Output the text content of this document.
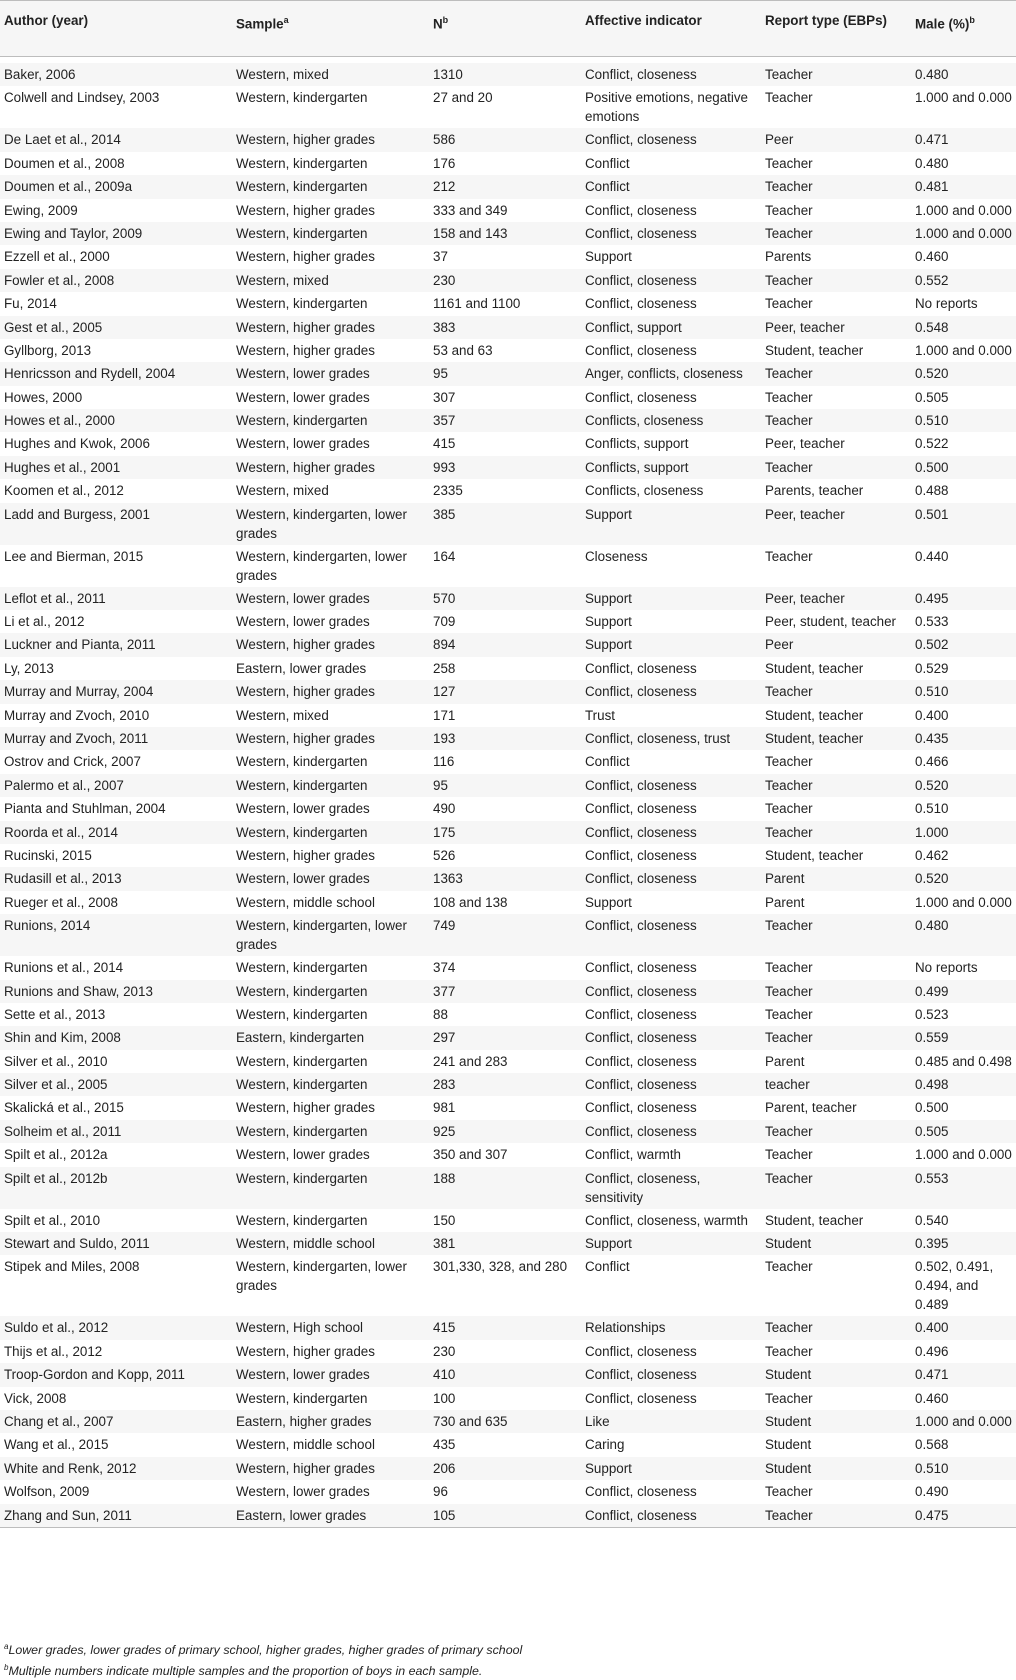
Author (year)	Sample$^a$	$N^b$	Affective indicator	Report type (EBPs)	Male (%)$^b$

Baker, 2006	Western, mixed	1310	Conflict, closeness	Teacher	0.480
Colwell and Lindsey, 2003	Western, kindergarten	27 and 20	Positive emotions, negative emotions	Teacher	1.000 and 0.000
De Laet et al., 2014	Western, higher grades	586	Conflict, closeness	Peer	0.471
Doumen et al., 2008	Western, kindergarten	176	Conflict	Teacher	0.480
Doumen et al., 2009a	Western, kindergarten	212	Conflict	Teacher	0.481
Ewing, 2009	Western, higher grades	333 and 349	Conflict, closeness	Teacher	1.000 and 0.000
Ewing and Taylor, 2009	Western, kindergarten	158 and 143	Conflict, closeness	Teacher	1.000 and 0.000
Ezzell et al., 2000	Western, higher grades	37	Support	Parents	0.460
Fowler et al., 2008	Western, mixed	230	Conflict, closeness	Teacher	0.552
Fu, 2014	Western, kindergarten	1161 and 1100	Conflict, closeness	Teacher	No reports
Gest et al., 2005	Western, higher grades	383	Conflict, support	Peer, teacher	0.548
Gyllborg, 2013	Western, higher grades	53 and 63	Conflict, closeness	Student, teacher	1.000 and 0.000
Henricsson and Rydell, 2004	Western, lower grades	95	Anger, conflicts, closeness	Teacher	0.520
Howes, 2000	Western, lower grades	307	Conflict, closeness	Teacher	0.505
Howes et al., 2000	Western, kindergarten	357	Conflicts, closeness	Teacher	0.510
Hughes and Kwok, 2006	Western, lower grades	415	Conflicts, support	Peer, teacher	0.522
Hughes et al., 2001	Western, higher grades	993	Conflicts, support	Teacher	0.500
Koomen et al., 2012	Western, mixed	2335	Conflicts, closeness	Parents, teacher	0.488
Ladd and Burgess, 2001	Western, kindergarten, lower grades	385	Support	Peer, teacher	0.501
Lee and Bierman, 2015	Western, kindergarten, lower grades	164	Closeness	Teacher	0.440
Leflot et al., 2011	Western, lower grades	570	Support	Peer, teacher	0.495
Li et al., 2012	Western, lower grades	709	Support	Peer, student, teacher	0.533
Luckner and Pianta, 2011	Western, higher grades	894	Support	Peer	0.502
Ly, 2013	Eastern, lower grades	258	Conflict, closeness	Student, teacher	0.529
Murray and Murray, 2004	Western, higher grades	127	Conflict, closeness	Teacher	0.510
Murray and Zvoch, 2010	Western, mixed	171	Trust	Student, teacher	0.400
Murray and Zvoch, 2011	Western, higher grades	193	Conflict, closeness, trust	Student, teacher	0.435
Ostrov and Crick, 2007	Western, kindergarten	116	Conflict	Teacher	0.466
Palermo et al., 2007	Western, kindergarten	95	Conflict, closeness	Teacher	0.520
Pianta and Stuhlman, 2004	Western, lower grades	490	Conflict, closeness	Teacher	0.510
Roorda et al., 2014	Western, kindergarten	175	Conflict, closeness	Teacher	1.000
Rucinski, 2015	Western, higher grades	526	Conflict, closeness	Student, teacher	0.462
Rudasill et al., 2013	Western, lower grades	1363	Conflict, closeness	Parent	0.520
Rueger et al., 2008	Western, middle school	108 and 138	Support	Parent	1.000 and 0.000
Runions, 2014	Western, kindergarten, lower grades	749	Conflict, closeness	Teacher	0.480
Runions et al., 2014	Western, kindergarten	374	Conflict, closeness	Teacher	No reports
Runions and Shaw, 2013	Western, kindergarten	377	Conflict, closeness	Teacher	0.499
Sette et al., 2013	Western, kindergarten	88	Conflict, closeness	Teacher	0.523
Shin and Kim, 2008	Eastern, kindergarten	297	Conflict, closeness	Teacher	0.559
Silver et al., 2010	Western, kindergarten	241 and 283	Conflict, closeness	Parent	0.485 and 0.498
Silver et al., 2005	Western, kindergarten	283	Conflict, closeness	teacher	0.498
Skalická et al., 2015	Western, higher grades	981	Conflict, closeness	Parent, teacher	0.500
Solheim et al., 2011	Western, kindergarten	925	Conflict, closeness	Teacher	0.505
Spilt et al., 2012a	Western, lower grades	350 and 307	Conflict, warmth	Teacher	1.000 and 0.000
Spilt et al., 2012b	Western, kindergarten	188	Conflict, closeness, sensitivity	Teacher	0.553
Spilt et al., 2010	Western, kindergarten	150	Conflict, closeness, warmth	Student, teacher	0.540
Stewart and Suldo, 2011	Western, middle school	381	Support	Student	0.395
Stipek and Miles, 2008	Western, kindergarten, lower grades	301,330, 328, and 280	Conflict	Teacher	0.502, 0.491, 0.494, and 0.489
Suldo et al., 2012	Western, High school	415	Relationships	Teacher	0.400
Thijs et al., 2012	Western, higher grades	230	Conflict, closeness	Teacher	0.496
Troop-Gordon and Kopp, 2011	Western, lower grades	410	Conflict, closeness	Student	0.471
Vick, 2008	Western, kindergarten	100	Conflict, closeness	Teacher	0.460
Chang et al., 2007	Eastern, higher grades	730 and 635	Like	Student	1.000 and 0.000
Wang et al., 2015	Western, middle school	435	Caring	Student	0.568
White and Renk, 2012	Western, higher grades	206	Support	Student	0.510
Wolfson, 2009	Western, lower grades	96	Conflict, closeness	Teacher	0.490
Zhang and Sun, 2011	Eastern, lower grades	105	Conflict, closeness	Teacher	0.475
$^a$Lower grades, lower grades of primary school, higher grades, higher grades of primary school
$^b$Multiple numbers indicate multiple samples and the proportion of boys in each sample.
